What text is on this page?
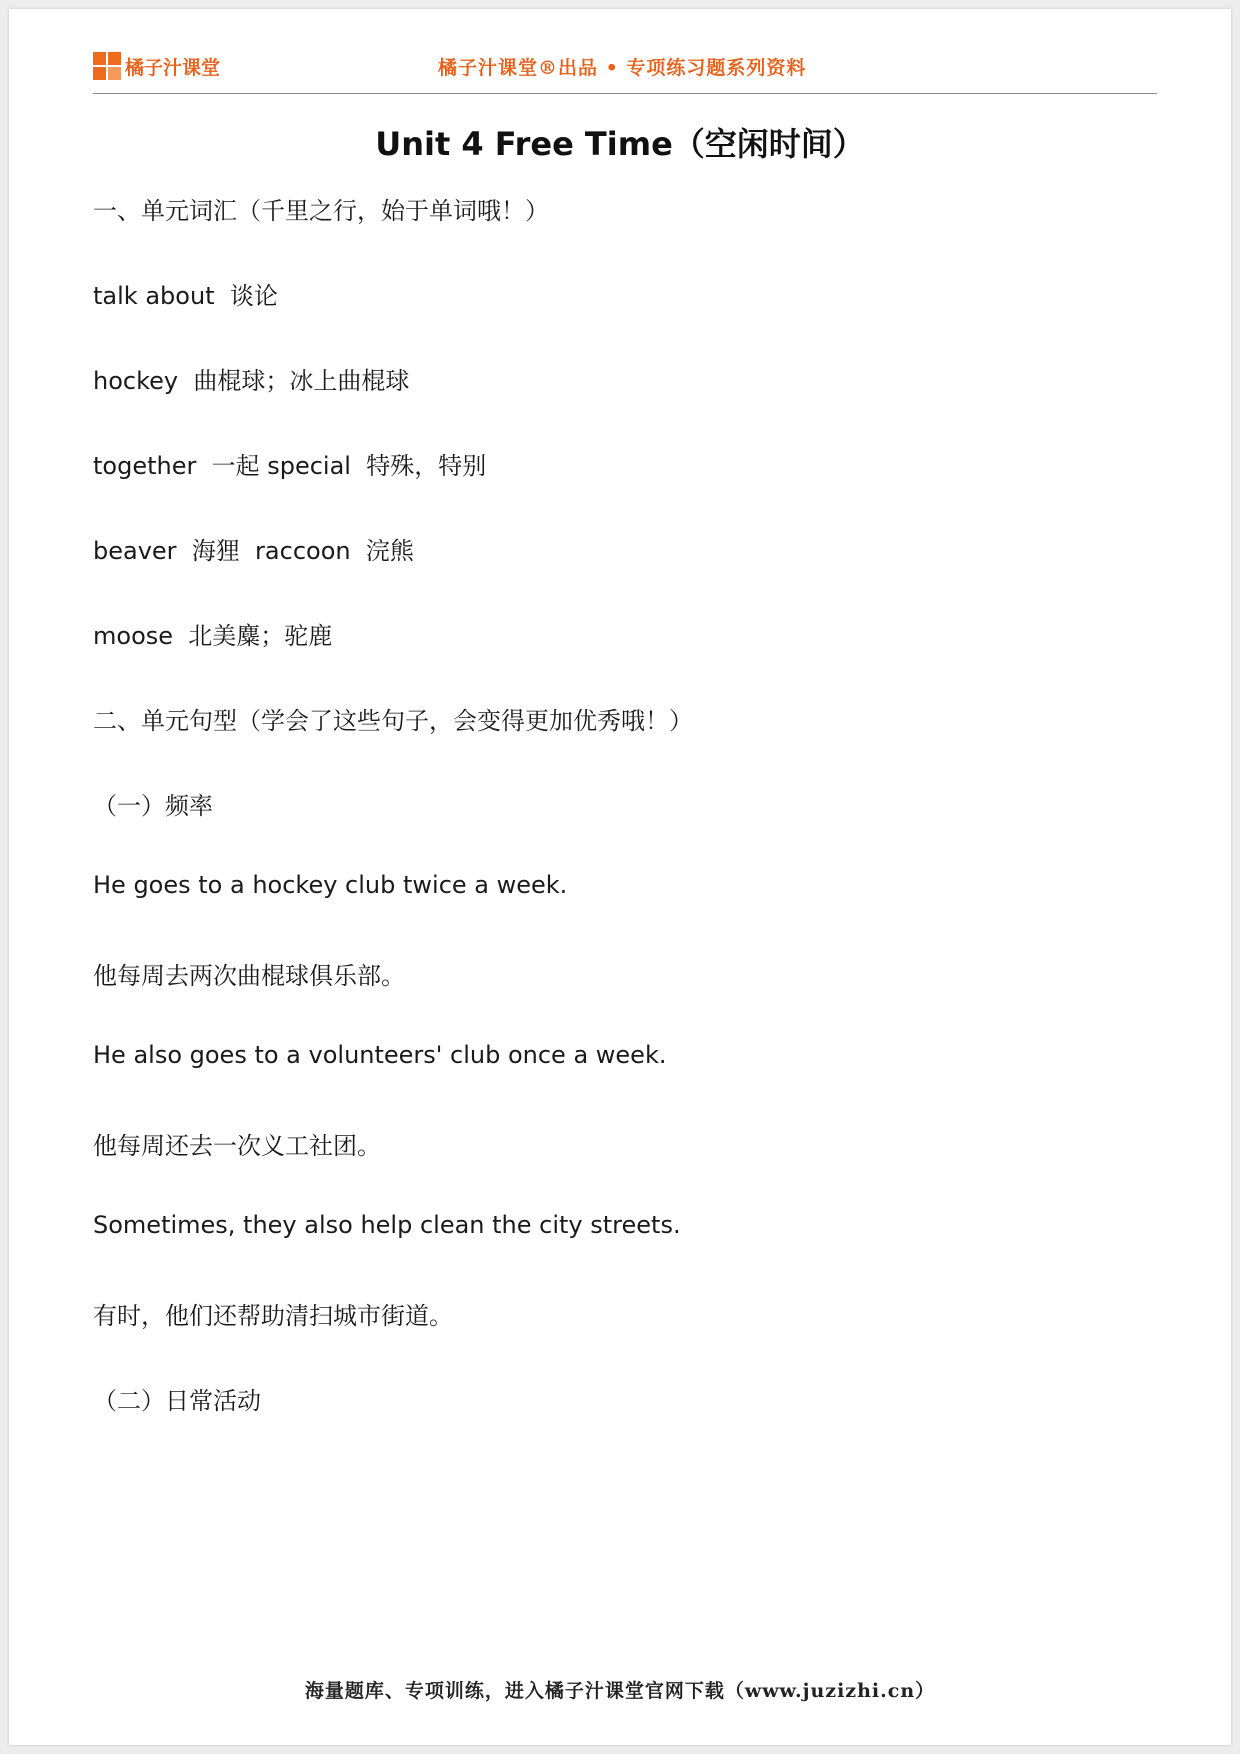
橘子汁课堂	橘子汁课堂®出品 • 专项练习题系列资料
Unit 4 Free Time（空闲时间）
一、单元词汇（千里之行，始于单词哦！）
talk about  谈论
hockey  曲棍球；冰上曲棍球
together  一起 special  特殊，特别
beaver  海狸  raccoon  浣熊
moose  北美麋；驼鹿
二、单元句型（学会了这些句子，会变得更加优秀哦！）
（一）频率
He goes to a hockey club twice a week.
他每周去两次曲棍球俱乐部。
He also goes to a volunteers' club once a week.
他每周还去一次义工社团。
Sometimes, they also help clean the city streets.
有时，他们还帮助清扫城市街道。
（二）日常活动
海量题库、专项训练，进入橘子汁课堂官网下载（www.juzizhi.cn）
